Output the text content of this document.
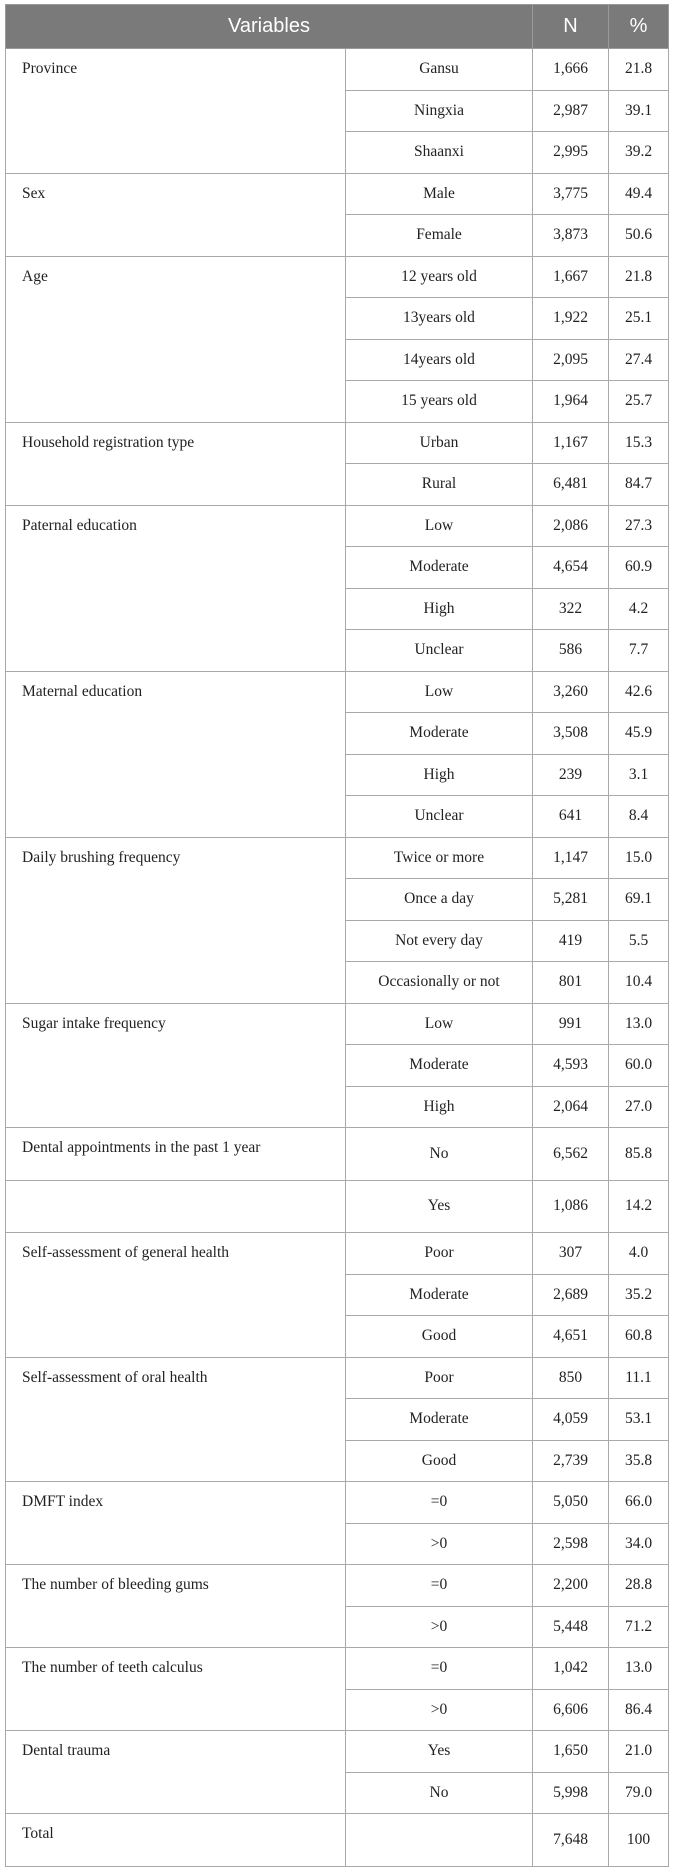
Variables		N	%
Province	Gansu	1,666	21.8
	Ningxia	2,987	39.1
	Shaanxi	2,995	39.2
Sex	Male	3,775	49.4
	Female	3,873	50.6
Age	12 years old	1,667	21.8
	13years old	1,922	25.1
	14years old	2,095	27.4
	15 years old	1,964	25.7
Household registration type	Urban	1,167	15.3
	Rural	6,481	84.7
Paternal education	Low	2,086	27.3
	Moderate	4,654	60.9
	High	322	4.2
	Unclear	586	7.7
Maternal education	Low	3,260	42.6
	Moderate	3,508	45.9
	High	239	3.1
	Unclear	641	8.4
Daily brushing frequency	Twice or more	1,147	15.0
	Once a day	5,281	69.1
	Not every day	419	5.5
	Occasionally or not	801	10.4
Sugar intake frequency	Low	991	13.0
	Moderate	4,593	60.0
	High	2,064	27.0
Dental appointments in the past 1 year	No	6,562	85.8
	Yes	1,086	14.2
Self-assessment of general health	Poor	307	4.0
	Moderate	2,689	35.2
	Good	4,651	60.8
Self-assessment of oral health	Poor	850	11.1
	Moderate	4,059	53.1
	Good	2,739	35.8
DMFT index	=0	5,050	66.0
	>0	2,598	34.0
The number of bleeding gums	=0	2,200	28.8
	>0	5,448	71.2
The number of teeth calculus	=0	1,042	13.0
	>0	6,606	86.4
Dental trauma	Yes	1,650	21.0
	No	5,998	79.0
Total		7,648	100
